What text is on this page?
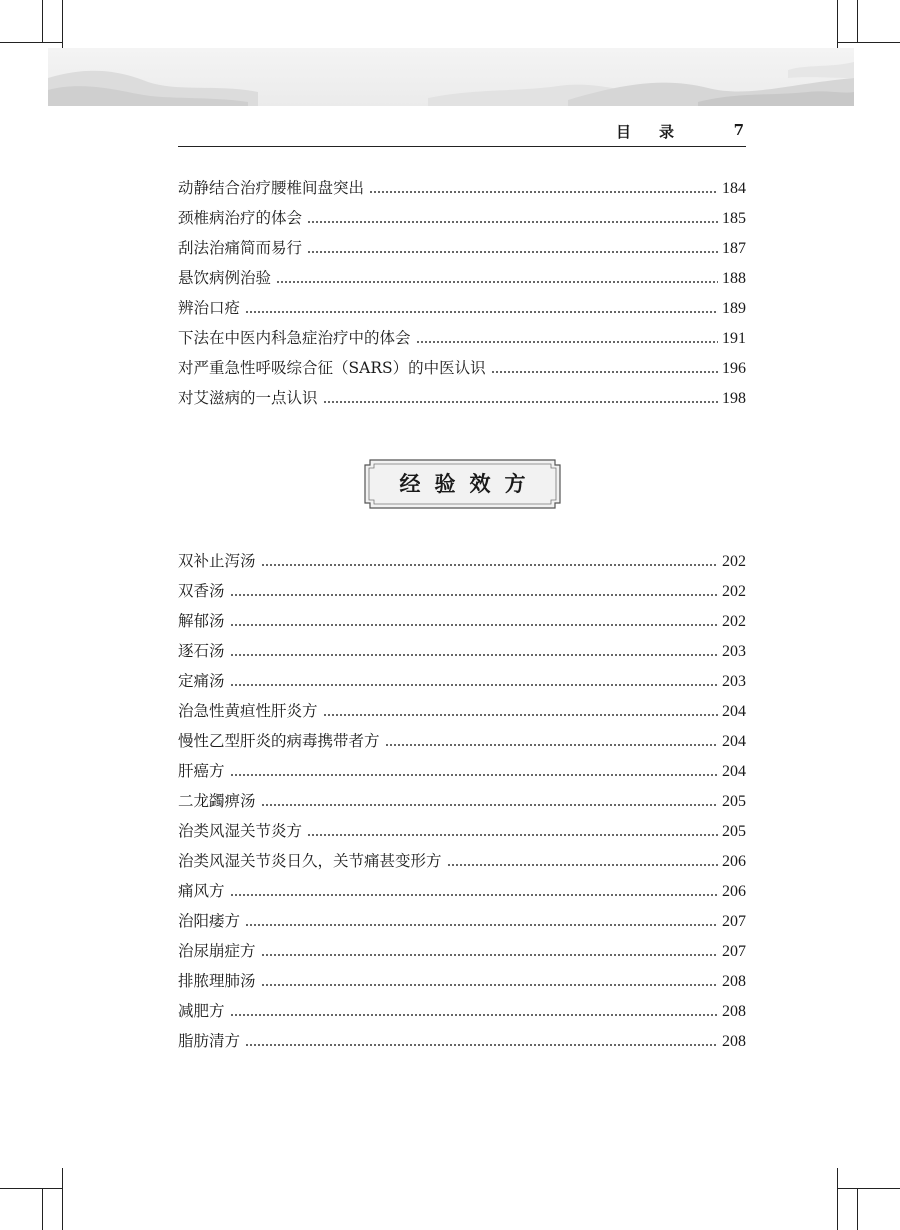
目录 7
动静结合治疗腰椎间盘突出	184
颈椎病治疗的体会	185
刮法治痛简而易行	187
悬饮病例治验	188
辨治口疮	189
下法在中医内科急症治疗中的体会	191
对严重急性呼吸综合征（SARS）的中医认识	196
对艾滋病的一点认识	198
经验效方
双补止泻汤	202
双香汤	202
解郁汤	202
逐石汤	203
定痛汤	203
治急性黄疸性肝炎方	204
慢性乙型肝炎的病毒携带者方	204
肝癌方	204
二龙蠲痹汤	205
治类风湿关节炎方	205
治类风湿关节炎日久，关节痛甚变形方	206
痛风方	206
治阳痿方	207
治尿崩症方	207
排脓理肺汤	208
减肥方	208
脂肪清方	208
